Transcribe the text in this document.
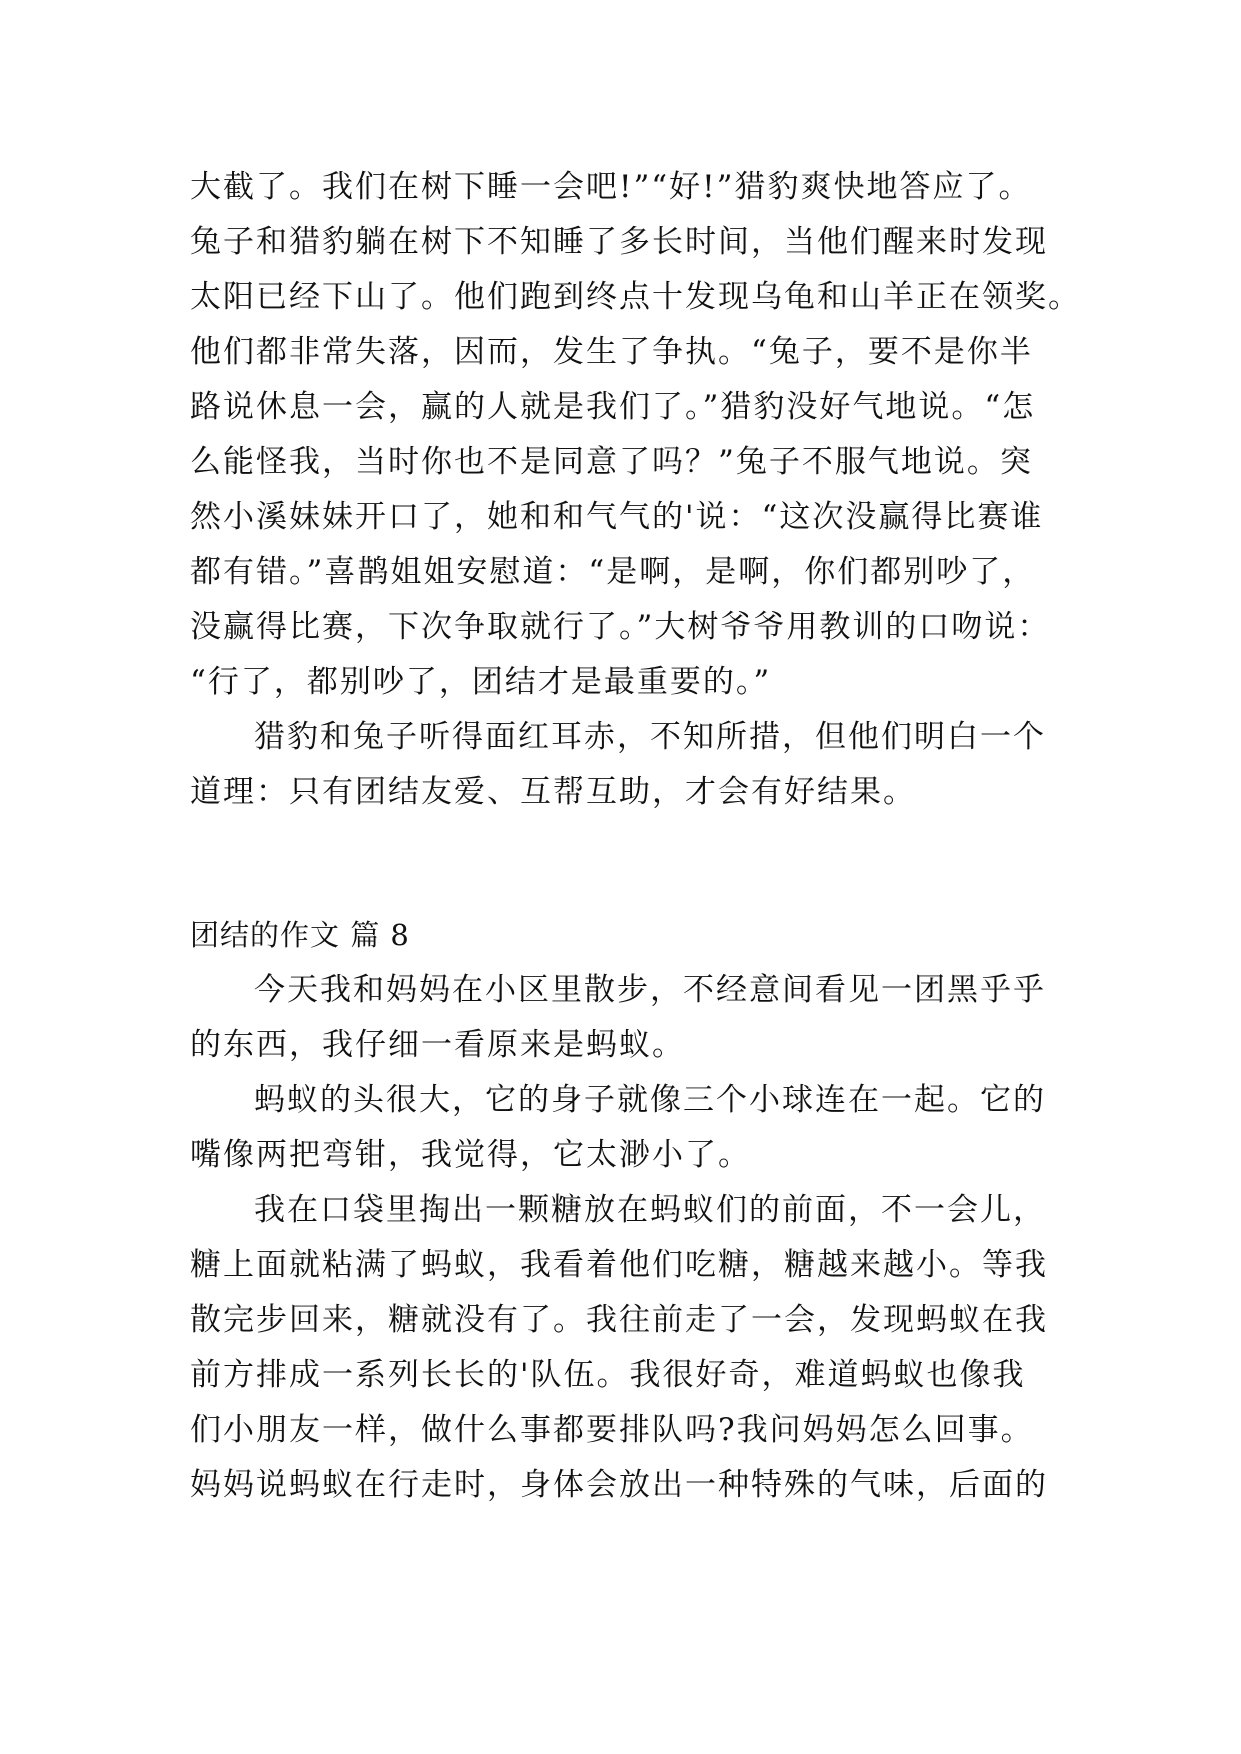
大截了。我们在树下睡一会吧!”“好!”猎豹爽快地答应了。
兔子和猎豹躺在树下不知睡了多长时间，当他们醒来时发现
太阳已经下山了。他们跑到终点十发现乌龟和山羊正在领奖。
他们都非常失落，因而，发生了争执。“兔子，要不是你半
路说休息一会，赢的人就是我们了。”猎豹没好气地说。“怎
么能怪我，当时你也不是同意了吗？”兔子不服气地说。突
然小溪妹妹开口了，她和和气气的'说：“这次没赢得比赛谁
都有错。”喜鹊姐姐安慰道：“是啊，是啊，你们都别吵了，
没赢得比赛，下次争取就行了。”大树爷爷用教训的口吻说：
“行了，都别吵了，团结才是最重要的。”
猎豹和兔子听得面红耳赤，不知所措，但他们明白一个
道理：只有团结友爱、互帮互助，才会有好结果。
团结的作文 篇 8
今天我和妈妈在小区里散步，不经意间看见一团黑乎乎
的东西，我仔细一看原来是蚂蚁。
蚂蚁的头很大，它的身子就像三个小球连在一起。它的
嘴像两把弯钳，我觉得，它太渺小了。
我在口袋里掏出一颗糖放在蚂蚁们的前面，不一会儿，
糖上面就粘满了蚂蚁，我看着他们吃糖，糖越来越小。等我
散完步回来，糖就没有了。我往前走了一会，发现蚂蚁在我
前方排成一系列长长的'队伍。我很好奇，难道蚂蚁也像我
们小朋友一样，做什么事都要排队吗?我问妈妈怎么回事。
妈妈说蚂蚁在行走时，身体会放出一种特殊的气味，后面的
